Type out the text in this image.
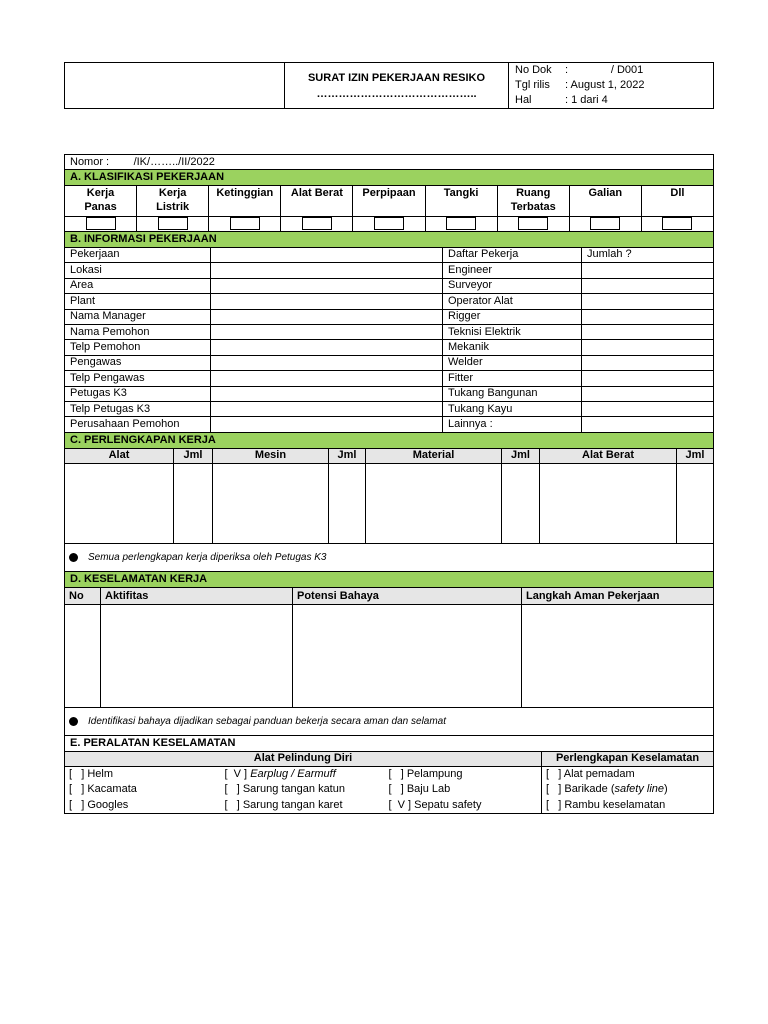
SURAT IZIN PEKERJAAN RESIKO
……………………………………..

No Dok	:              / D001
Tgl rilis	: August 1, 2022
Hal	: 1 dari 4
Nomor :        /IK/……../II/2022
A. KLASIFIKASI PEKERJAAN
Kerja Panas	Kerja Listrik	Ketinggian	Alat Berat	Perpipaan	Tangki	Ruang Terbatas	Galian	Dll

B. INFORMASI PEKERJAAN
Pekerjaan		Daftar Pekerja	Jumlah ?
Lokasi		Engineer	
Area		Surveyor	
Plant		Operator Alat	
Nama Manager		Rigger	
Nama Pemohon		Teknisi Elektrik	
Telp Pemohon		Mekanik	
Pengawas		Welder	
Telp Pengawas		Fitter	
Petugas K3		Tukang Bangunan	
Telp Petugas K3		Tukang Kayu	
Perusahaan Pemohon		Lainnya :	
C. PERLENGKAPAN KERJA
Alat	Jml	Mesin	Jml	Material	Jml	Alat Berat	Jml

Semua perlengkapan kerja diperiksa oleh Petugas K3
D. KESELAMATAN KERJA
No	Aktifitas	Potensi Bahaya	Langkah Aman Pekerjaan

Identifikasi bahaya dijadikan sebagai panduan bekerja secara aman dan selamat
E. PERALATAN KESELAMATAN
Alat Pelindung Diri			Perlengkapan Keselamatan
[   ] Helm	[  V ] Earplug / Earmuff	[   ] Pelampung	[   ] Alat pemadam
[   ] Kacamata	[   ] Sarung tangan katun	[   ] Baju Lab	[   ] Barikade (safety line)
[   ] Googles	[   ] Sarung tangan karet	[  V ] Sepatu safety	[   ] Rambu keselamatan
